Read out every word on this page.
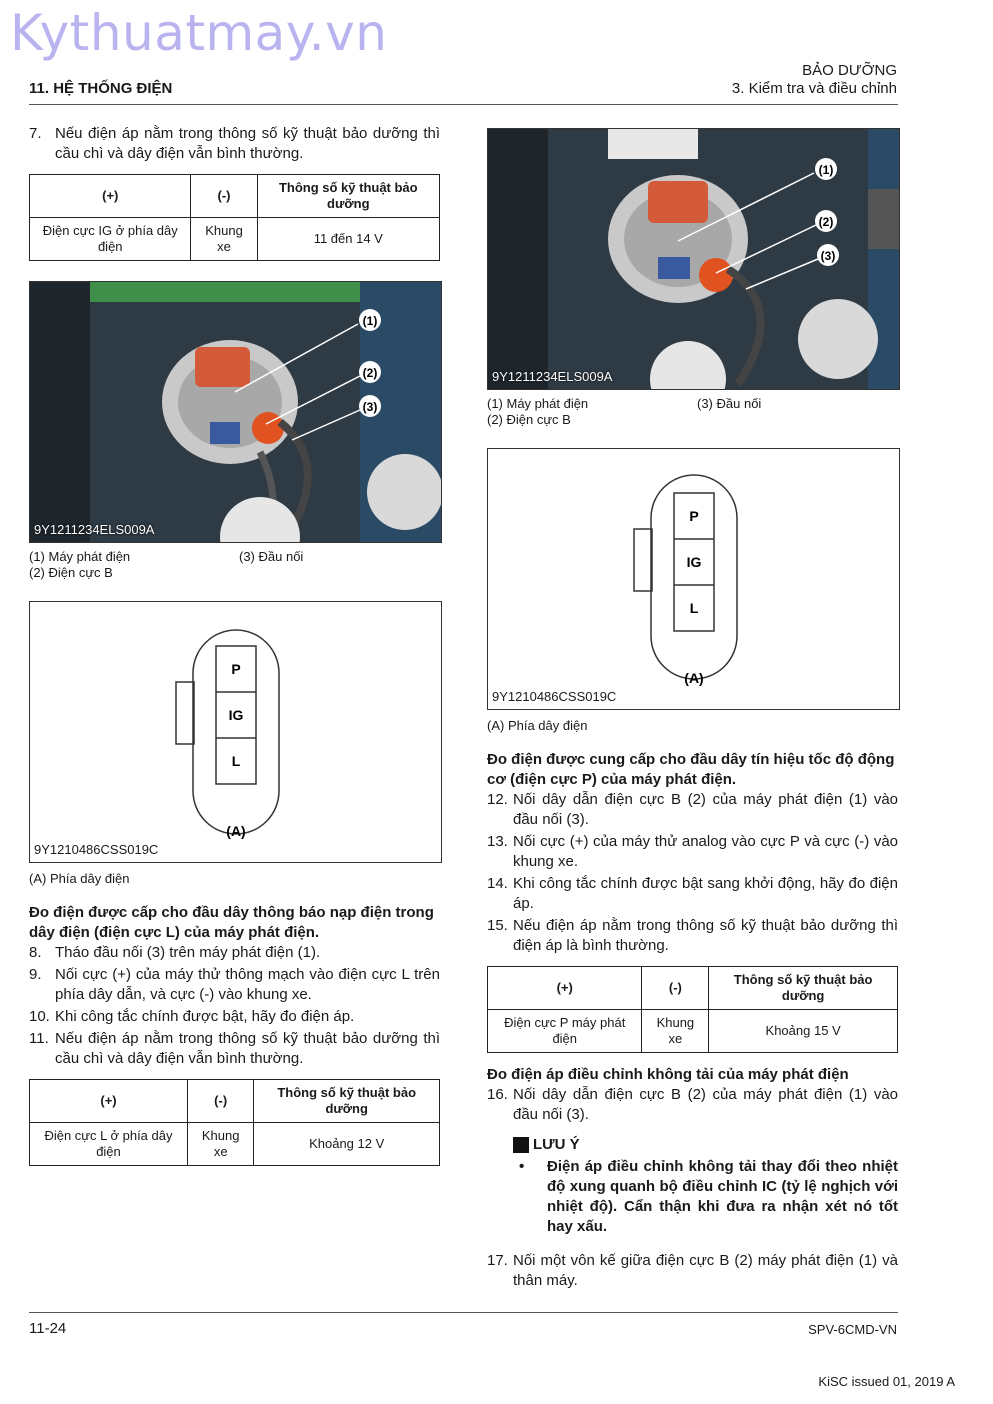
Kythuatmay.vn
11. HỆ THỐNG ĐIỆN
BẢO DƯỠNG
3. Kiểm tra và điều chỉnh
7. Nếu điện áp nằm trong thông số kỹ thuật bảo dưỡng thì cầu chì và dây điện vẫn bình thường.
(+)	(-)	Thông số kỹ thuật bảo dưỡng
Điện cực IG ở phía dây điện	Khung xe	11 đến 14 V
(1)
(2)
(3)
9Y1211234ELS009A
(1) Máy phát điện	(3) Đầu nối
(2) Điện cực B
P
IG
L
(A)
9Y1210486CSS019C
(A) Phía dây điện
Đo điện được cấp cho đầu dây thông báo nạp điện trong dây điện (điện cực L) của máy phát điện.
8. Tháo đầu nối (3) trên máy phát điện (1).
9. Nối cực (+) của máy thử thông mạch vào điện cực L trên phía dây dẫn, và cực (-) vào khung xe.
10. Khi công tắc chính được bật, hãy đo điện áp.
11. Nếu điện áp nằm trong thông số kỹ thuật bảo dưỡng thì cầu chì và dây điện vẫn bình thường.
(+)	(-)	Thông số kỹ thuật bảo dưỡng
Điện cực L ở phía dây điện	Khung xe	Khoảng 12 V
(1)
(2)
(3)
9Y1211234ELS009A
(1) Máy phát điện	(3) Đầu nối
(2) Điện cực B
P
IG
L
(A)
9Y1210486CSS019C
(A) Phía dây điện
Đo điện được cung cấp cho đầu dây tín hiệu tốc độ động cơ (điện cực P) của máy phát điện.
12. Nối dây dẫn điện cực B (2) của máy phát điện (1) vào đầu nối (3).
13. Nối cực (+) của máy thử analog vào cực P và cực (-) vào khung xe.
14. Khi công tắc chính được bật sang khởi động, hãy đo điện áp.
15. Nếu điện áp nằm trong thông số kỹ thuật bảo dưỡng thì điện áp là bình thường.
(+)	(-)	Thông số kỹ thuật bảo dưỡng
Điện cực P máy phát điện	Khung xe	Khoảng 15 V
Đo điện áp điều chỉnh không tải của máy phát điện
16. Nối dây dẫn điện cực B (2) của máy phát điện (1) vào đầu nối (3).
LƯU Ý
•	Điện áp điều chỉnh không tải thay đổi theo nhiệt độ xung quanh bộ điều chỉnh IC (tỷ lệ nghịch với nhiệt độ). Cẩn thận khi đưa ra nhận xét nó tốt hay xấu.
17. Nối một vôn kế giữa điện cực B (2) máy phát điện (1) và thân máy.
11-24	SPV-6CMD-VN
KiSC issued 01, 2019 A
